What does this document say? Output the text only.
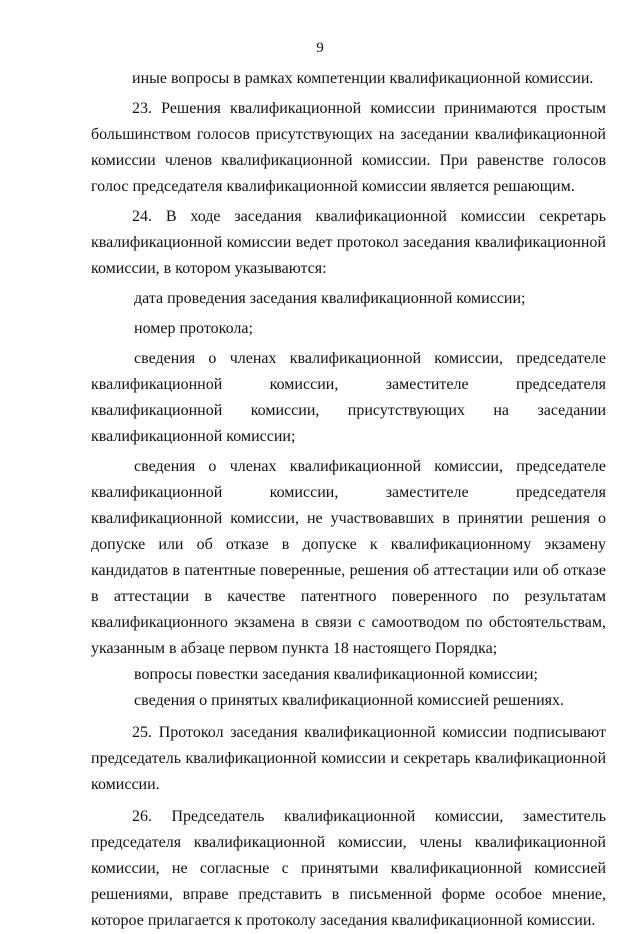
9

иные вопросы в рамках компетенции квалификационной комиссии.

23. Решения квалификационной комиссии принимаются простым большинством голосов присутствующих на заседании квалификационной комиссии членов квалификационной комиссии. При равенстве голосов голос председателя квалификационной комиссии является решающим.

24. В ходе заседания квалификационной комиссии секретарь квалификационной комиссии ведет протокол заседания квалификационной комиссии, в котором указываются:

дата проведения заседания квалификационной комиссии;

номер протокола;

сведения о членах квалификационной комиссии, председателе квалификационной комиссии, заместителе председателя квалификационной комиссии, присутствующих на заседании квалификационной комиссии;

сведения о членах квалификационной комиссии, председателе квалификационной комиссии, заместителе председателя квалификационной комиссии, не участвовавших в принятии решения о допуске или об отказе в допуске к квалификационному экзамену кандидатов в патентные поверенные, решения об аттестации или об отказе в аттестации в качестве патентного поверенного по результатам квалификационного экзамена в связи с самоотводом по обстоятельствам, указанным в абзаце первом пункта 18 настоящего Порядка;

вопросы повестки заседания квалификационной комиссии;

сведения о принятых квалификационной комиссией решениях.

25. Протокол заседания квалификационной комиссии подписывают председатель квалификационной комиссии и секретарь квалификационной комиссии.

26. Председатель квалификационной комиссии, заместитель председателя квалификационной комиссии, члены квалификационной комиссии, не согласные с принятыми квалификационной комиссией решениями, вправе представить в письменной форме особое мнение, которое прилагается к протоколу заседания квалификационной комиссии.
